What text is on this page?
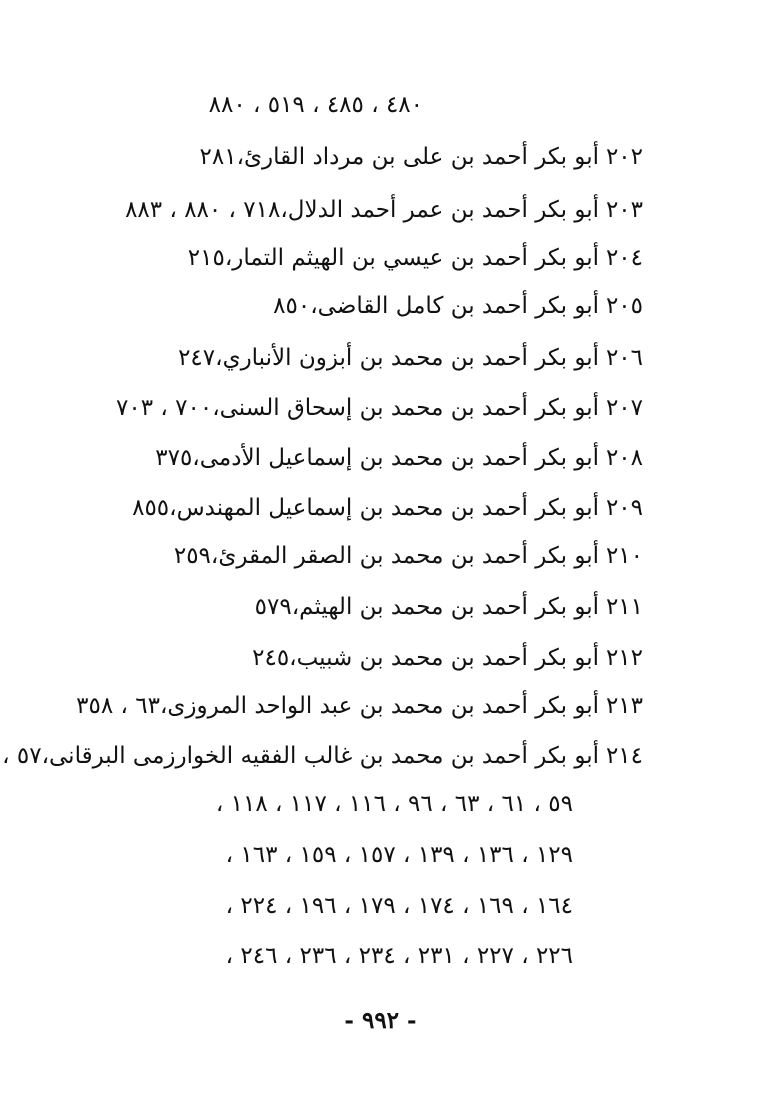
٤٨٠ ، ٤٨٥ ، ٥١٩ ، ٨٨٠
٢٠٢
أبو بكر أحمد بن على بن مرداد القارئ،٢٨١
٢٠٣
أبو بكر أحمد بن عمر أحمد الدلال،٧١٨ ، ٨٨٠ ، ٨٨٣
٢٠٤
أبو بكر أحمد بن عيسي بن الهيثم التمار،٢١٥
٢٠٥
أبو بكر أحمد بن كامل القاضى،٨٥٠
٢٠٦
أبو بكر أحمد بن محمد بن أبزون الأنباري،٢٤٧
٢٠٧
أبو بكر أحمد بن محمد بن إسحاق السنى،٧٠٠ ، ٧٠٣
٢٠٨
أبو بكر أحمد بن محمد بن إسماعيل الأدمى،٣٧٥
٢٠٩
أبو بكر أحمد بن محمد بن إسماعيل المهندس،٨٥٥
٢١٠
أبو بكر أحمد بن محمد بن الصقر المقرئ،٢٥٩
٢١١
أبو بكر أحمد بن محمد بن الهيثم،٥٧٩
٢١٢
أبو بكر أحمد بن محمد بن شبيب،٢٤٥
٢١٣
أبو بكر أحمد بن محمد بن عبد الواحد المروزى،٦٣ ، ٣٥٨
٢١٤
أبو بكر أحمد بن محمد بن غالب الفقيه الخوارزمى البرقانى،٥٧ ،
٥٩ ، ٦١ ، ٦٣ ، ٩٦ ، ١١٦ ، ١١٧ ، ١١٨ ،
١٢٩ ، ١٣٦ ، ١٣٩ ، ١٥٧ ، ١٥٩ ، ١٦٣ ،
١٦٤ ، ١٦٩ ، ١٧٤ ، ١٧٩ ، ١٩٦ ، ٢٢٤ ،
٢٢٦ ، ٢٢٧ ، ٢٣١ ، ٢٣٤ ، ٢٣٦ ، ٢٤٦ ،
- ٩٩٢ -
